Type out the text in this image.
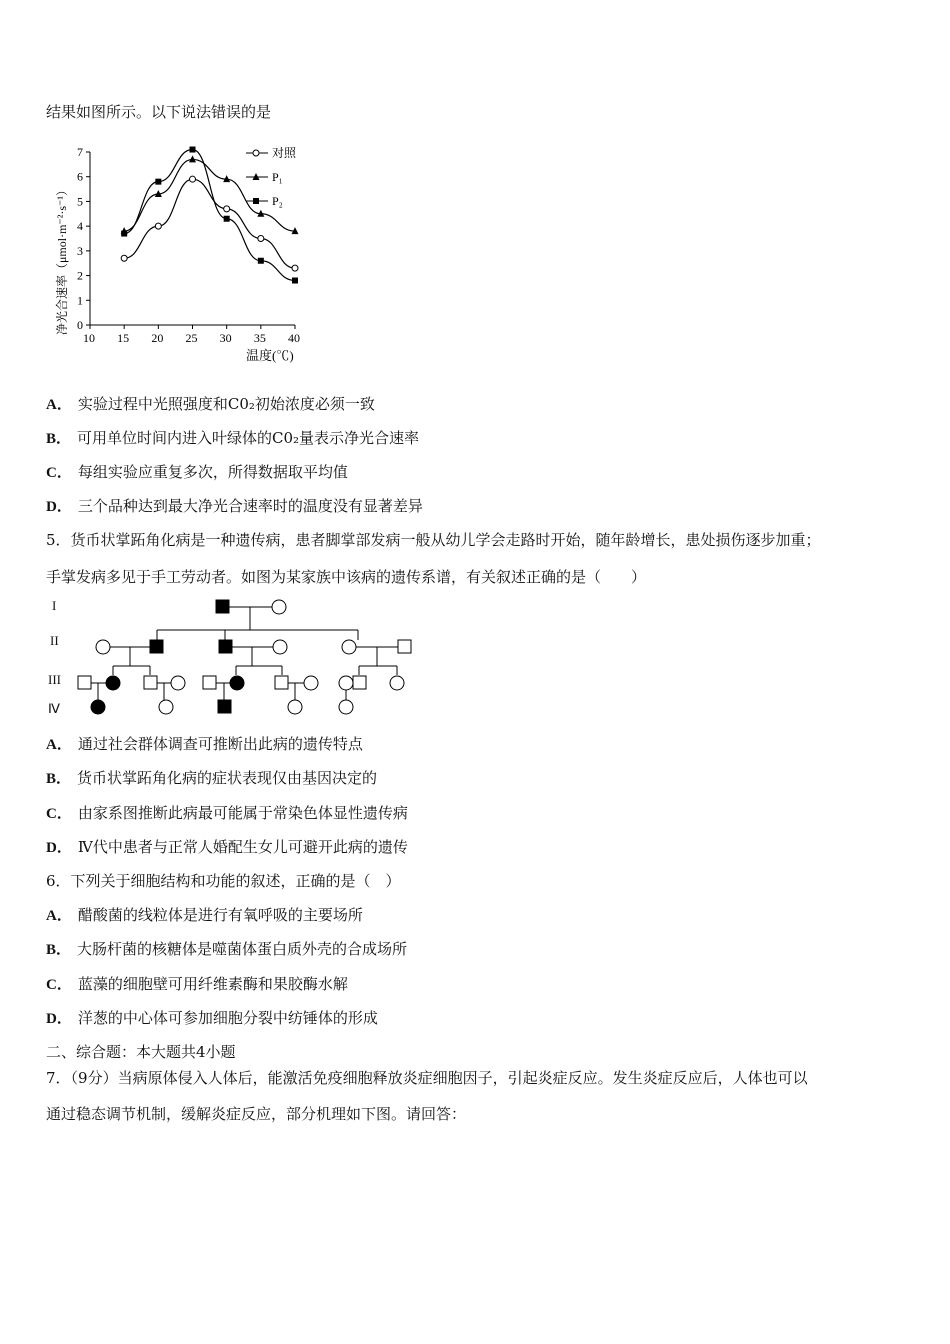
结果如图所示。以下说法错误的是
0
1
2
3
4
5
6
7
10 15 20 25 30 35 40
净光合速率（μmol·m⁻²·s⁻¹）
温度(℃)
对照
P₁
P₂
A． 实验过程中光照强度和C0₂初始浓度必须一致
B． 可用单位时间内进入叶绿体的C0₂量表示净光合速率
C． 每组实验应重复多次，所得数据取平均值
D． 三个品种达到最大净光合速率时的温度没有显著差异
5．货币状掌跖角化病是一种遗传病，患者脚掌部发病一般从幼儿学会走路时开始，随年龄增长，患处损伤逐步加重；
手掌发病多见于手工劳动者。如图为某家族中该病的遗传系谱，有关叙述正确的是（　　）
I
II
III
Ⅳ
A． 通过社会群体调查可推断出此病的遗传特点
B． 货币状掌跖角化病的症状表现仅由基因决定的
C． 由家系图推断此病最可能属于常染色体显性遗传病
D． Ⅳ代中患者与正常人婚配生女儿可避开此病的遗传
6．下列关于细胞结构和功能的叙述，正确的是（　）
A． 醋酸菌的线粒体是进行有氧呼吸的主要场所
B． 大肠杆菌的核糖体是噬菌体蛋白质外壳的合成场所
C． 蓝藻的细胞壁可用纤维素酶和果胶酶水解
D． 洋葱的中心体可参加细胞分裂中纺锤体的形成
二、综合题：本大题共4小题
7．（9分）当病原体侵入人体后，能激活免疫细胞释放炎症细胞因子，引起炎症反应。发生炎症反应后，人体也可以
通过稳态调节机制，缓解炎症反应，部分机理如下图。请回答：
